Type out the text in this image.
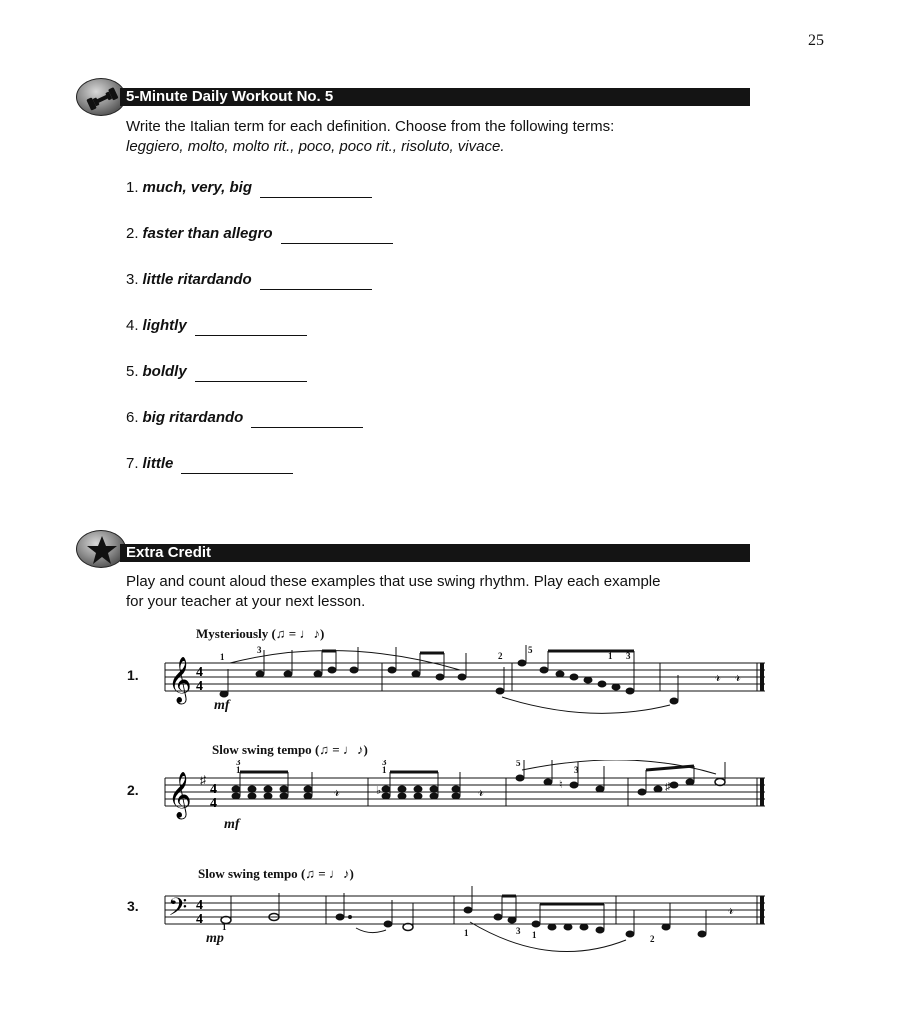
25
5-Minute Daily Workout No. 5
Write the Italian term for each definition. Choose from the following terms:
leggiero, molto, molto rit., poco, poco rit., risoluto, vivace.
1. much, very, big
2. faster than allegro
3. little ritardando
4. lightly
5. boldly
6. big ritardando
7. little
Extra Credit
Play and count aloud these examples that use swing rhythm. Play each example
for your teacher at your next lesson.
Mysteriously (♫ = ♩ ♪)
1. 𝄞 4
4
1
3
2
5
1 3
𝓇 𝓇
mf
Slow swing tempo (♫ = ♩ ♪)
2. 𝄞 ♯
4
4
♭	♮	♯
3
1
3
1
5
3
𝓇	𝓇
mf
Slow swing tempo (♫ = ♩ ♪)
3. 𝄢 4
4 1
1	3 1	2
𝓇
mp
